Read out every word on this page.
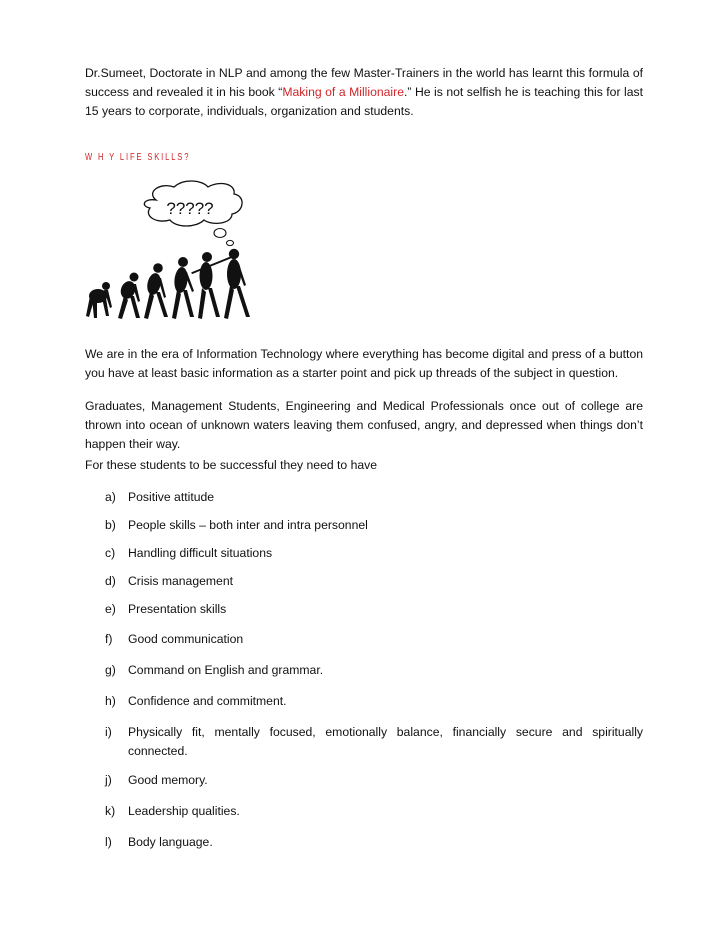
Dr.Sumeet, Doctorate in NLP and among the few Master-Trainers in the world has learnt this formula of success and revealed it in his book “Making of a Millionaire.” He is not selfish he is teaching this for last 15 years to corporate, individuals, organization and students.

W H Y LIFE SKILLS?
?????

We are in the era of Information Technology where everything has become digital and press of a button you have at least basic information as a starter point and pick up threads of the subject in question.

Graduates, Management Students, Engineering and Medical Professionals once out of college are thrown into ocean of unknown waters leaving them confused, angry, and depressed when things don’t happen their way.

For these students to be successful they need to have

a) Positive attitude
b) People skills – both inter and intra personnel
c)	Handling difficult situations
d) Crisis management
e) Presentation skills
f)	Good communication
g) Command on English and grammar.
h) Confidence and commitment.
i)	Physically fit, mentally focused, emotionally balance, financially secure and spiritually connected.
j)	Good memory.
k)	Leadership qualities.
l)	Body language.
